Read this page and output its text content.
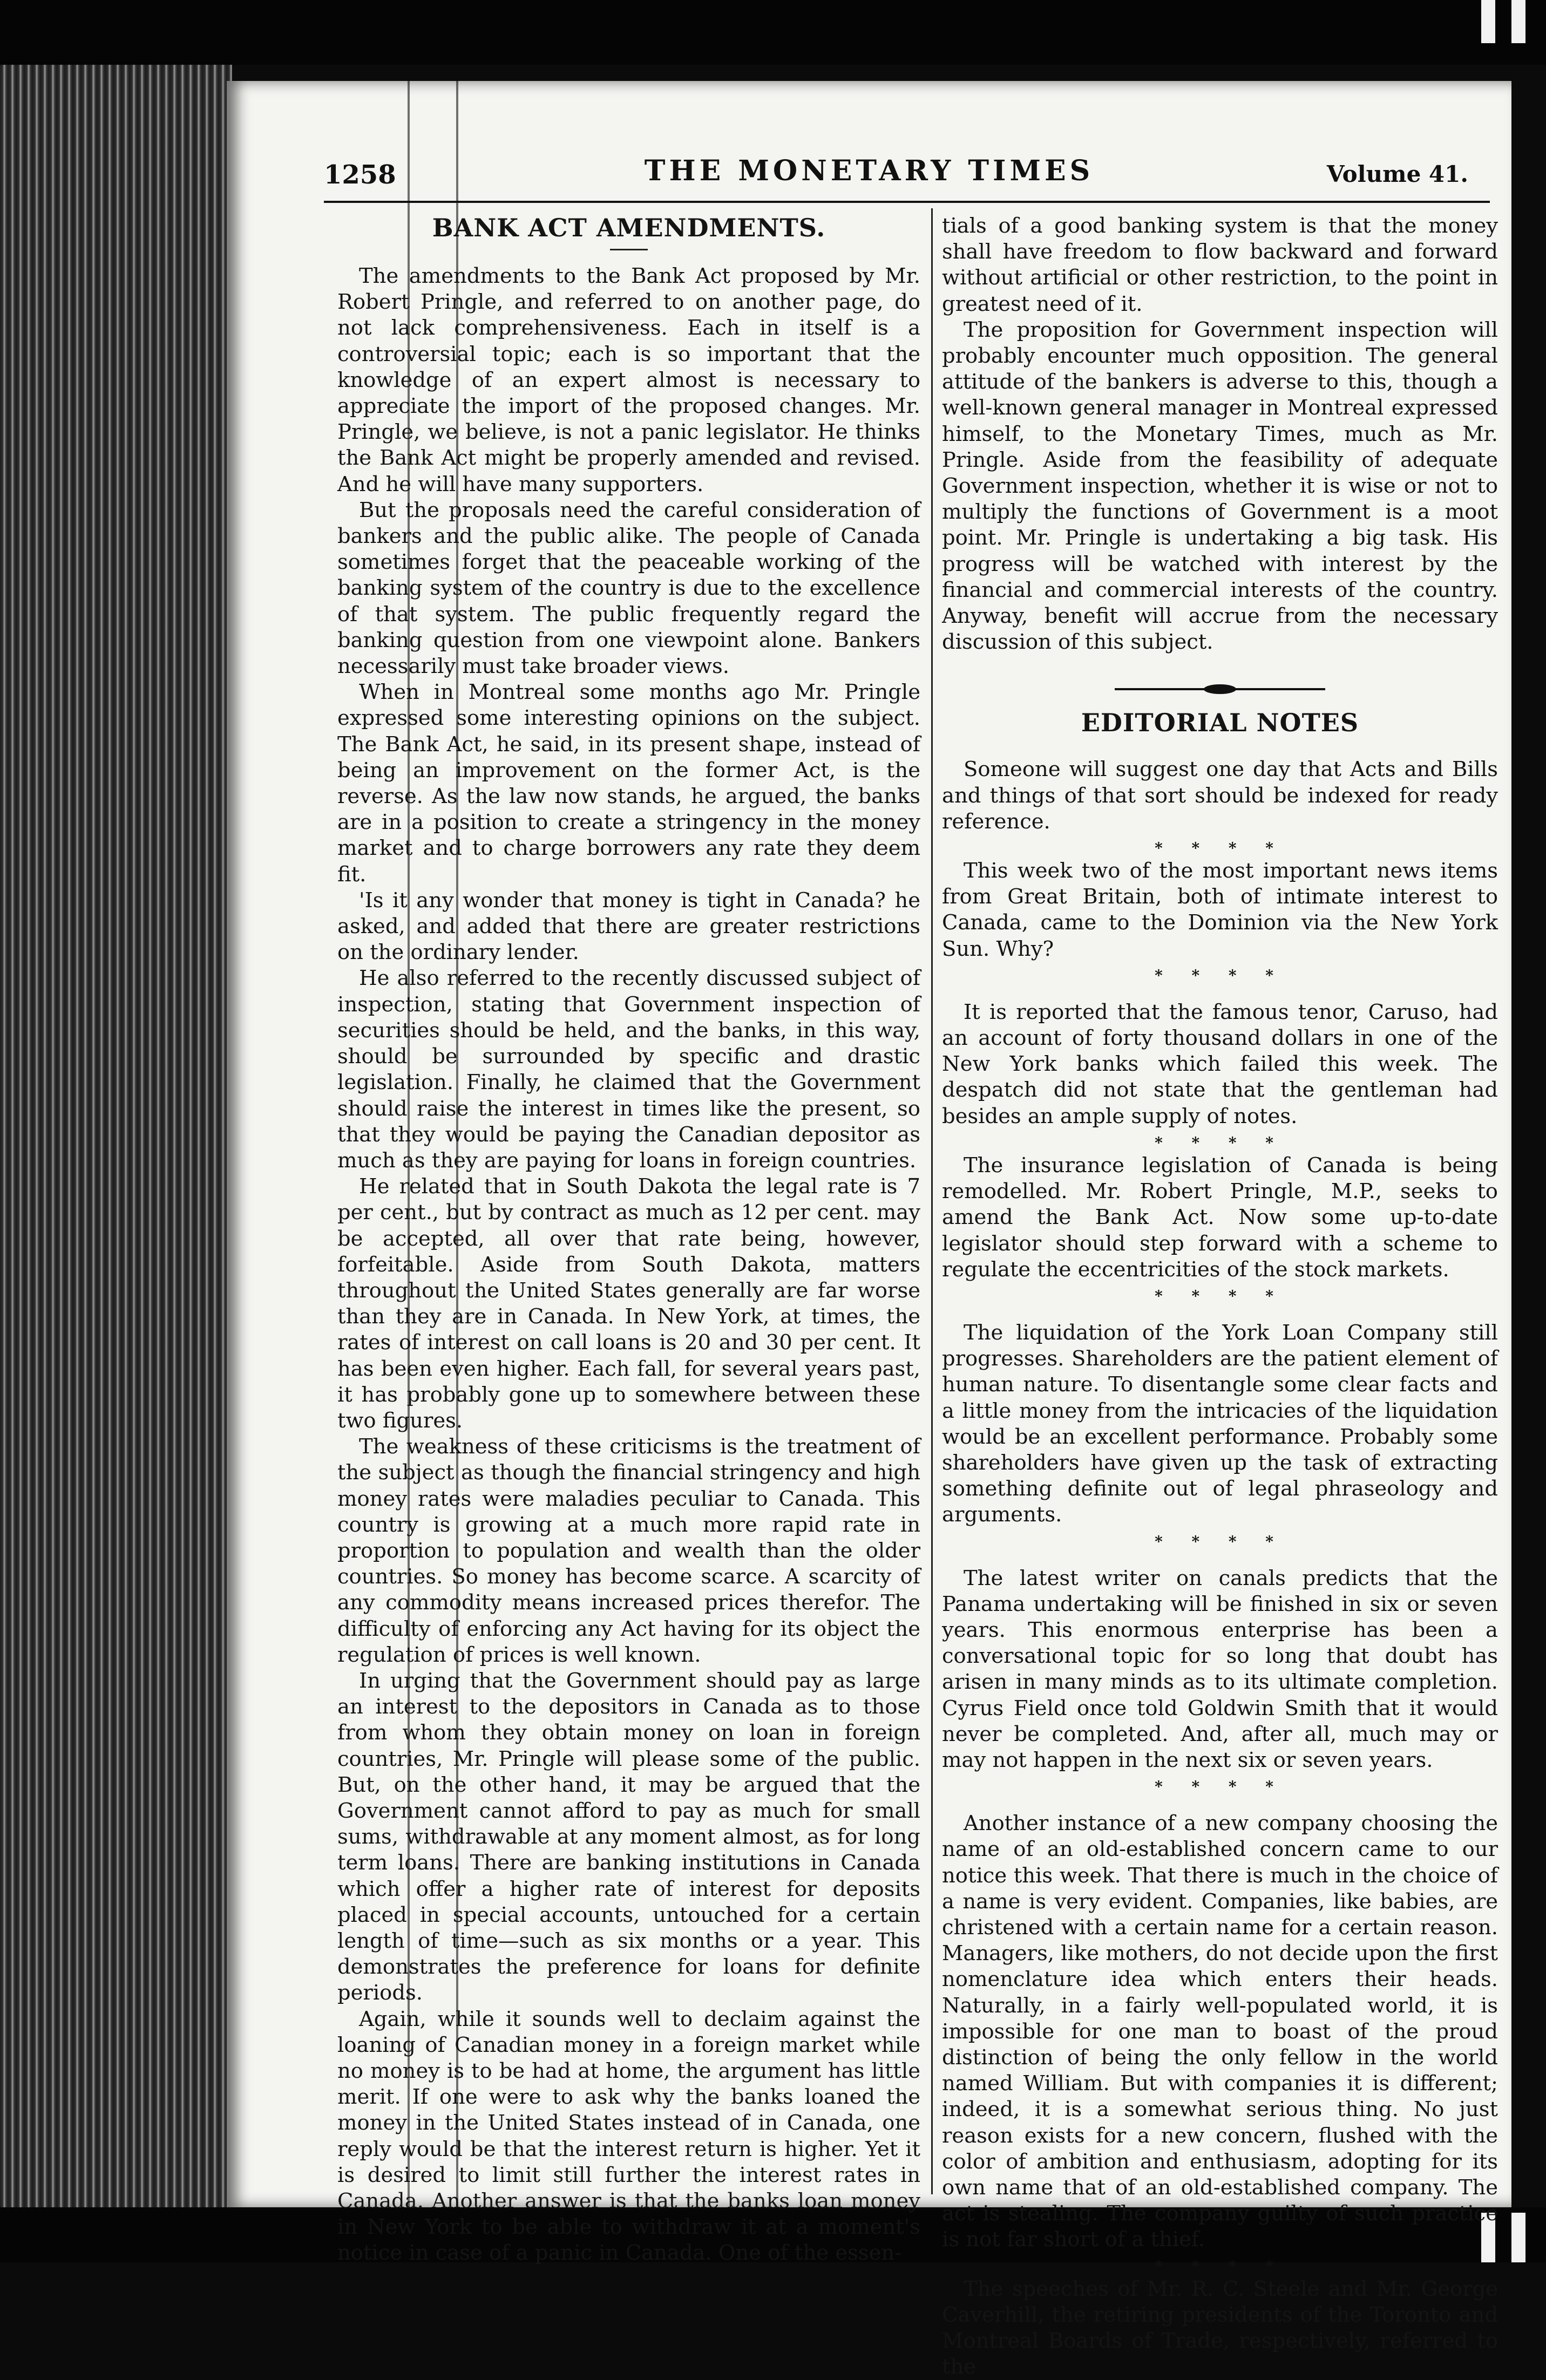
1258	THE MONETARY TIMES	Volume 41.
BANK ACT AMENDMENTS.

The amendments to the Bank Act proposed by Mr. Robert Pringle, and referred to on another page, do not lack comprehensiveness. Each in itself is a controversial topic; each is so important that the knowledge of an expert almost is necessary to appreciate the import of the proposed changes. Mr. Pringle, we believe, is not a panic legislator. He thinks the Bank Act might be properly amended and revised. And he will have many supporters.

But the proposals need the careful consideration of bankers and the public alike. The people of Canada sometimes forget that the peaceable working of the banking system of the country is due to the excellence of that system. The public frequently regard the banking question from one viewpoint alone. Bankers necessarily must take broader views.

When in Montreal some months ago Mr. Pringle expressed some interesting opinions on the subject. The Bank Act, he said, in its present shape, instead of being an improvement on the former Act, is the reverse. As the law now stands, he argued, the banks are in a position to create a stringency in the money market and to charge borrowers any rate they deem fit.

'Is it any wonder that money is tight in Canada? he asked, and added that there are greater restrictions on the ordinary lender.

He also referred to the recently discussed subject of inspection, stating that Government inspection of securities should be held, and the banks, in this way, should be surrounded by specific and drastic legislation. Finally, he claimed that the Government should raise the interest in times like the present, so that they would be paying the Canadian depositor as much as they are paying for loans in foreign countries.

He related that in South Dakota the legal rate is 7 per cent., but by contract as much as 12 per cent. may be accepted, all over that rate being, however, forfeitable. Aside from South Dakota, matters throughout the United States generally are far worse than they are in Canada. In New York, at times, the rates of interest on call loans is 20 and 30 per cent. It has been even higher. Each fall, for several years past, it has probably gone up to somewhere between these two figures.

The weakness of these criticisms is the treatment of the subject as though the financial stringency and high money rates were maladies peculiar to Canada. This country is growing at a much more rapid rate in proportion to population and wealth than the older countries. So money has become scarce. A scarcity of any commodity means increased prices therefor. The difficulty of enforcing any Act having for its object the regulation of prices is well known.

In urging that the Government should pay as large an interest to the depositors in Canada as to those from whom they obtain money on loan in foreign countries, Mr. Pringle will please some of the public. But, on the other hand, it may be argued that the Government cannot afford to pay as much for small sums, withdrawable at any moment almost, as for long term loans. There are banking institutions in Canada which offer a higher rate of interest for deposits placed in special accounts, untouched for a certain length of time—such as six months or a year. This demonstrates the preference for loans for definite periods.

Again, while it sounds well to declaim against the loaning of Canadian money in a foreign market while no money is to be had at home, the argument has little merit. If one were to ask why the banks loaned the money in the United States instead of in Canada, one reply would be that the interest return is higher. Yet it is desired to limit still further the interest rates in Canada. Another answer is that the banks loan money in New York to be able to withdraw it at a moment's notice in case of a panic in Canada. One of the essen-

tials of a good banking system is that the money shall have freedom to flow backward and forward without artificial or other restriction, to the point in greatest need of it.

The proposition for Government inspection will probably encounter much opposition. The general attitude of the bankers is adverse to this, though a well-known general manager in Montreal expressed himself, to the Monetary Times, much as Mr. Pringle. Aside from the feasibility of adequate Government inspection, whether it is wise or not to multiply the functions of Government is a moot point. Mr. Pringle is undertaking a big task. His progress will be watched with interest by the financial and commercial interests of the country. Anyway, benefit will accrue from the necessary discussion of this subject.

EDITORIAL NOTES

Someone will suggest one day that Acts and Bills and things of that sort should be indexed for ready reference.

* * * *

This week two of the most important news items from Great Britain, both of intimate interest to Canada, came to the Dominion via the New York Sun. Why?

* * * *

It is reported that the famous tenor, Caruso, had an account of forty thousand dollars in one of the New York banks which failed this week. The despatch did not state that the gentleman had besides an ample supply of notes.

* * * *

The insurance legislation of Canada is being remodelled. Mr. Robert Pringle, M.P., seeks to amend the Bank Act. Now some up-to-date legislator should step forward with a scheme to regulate the eccentricities of the stock markets.

* * * *

The liquidation of the York Loan Company still progresses. Shareholders are the patient element of human nature. To disentangle some clear facts and a little money from the intricacies of the liquidation would be an excellent performance. Probably some shareholders have given up the task of extracting something definite out of legal phraseology and arguments.

* * * *

The latest writer on canals predicts that the Panama undertaking will be finished in six or seven years. This enormous enterprise has been a conversational topic for so long that doubt has arisen in many minds as to its ultimate completion. Cyrus Field once told Goldwin Smith that it would never be completed. And, after all, much may or may not happen in the next six or seven years.

* * * *

Another instance of a new company choosing the name of an old-established concern came to our notice this week. That there is much in the choice of a name is very evident. Companies, like babies, are christened with a certain name for a certain reason. Managers, like mothers, do not decide upon the first nomenclature idea which enters their heads. Naturally, in a fairly well-populated world, it is impossible for one man to boast of the proud distinction of being the only fellow in the world named William. But with companies it is different; indeed, it is a somewhat serious thing. No just reason exists for a new concern, flushed with the color of ambition and enthusiasm, adopting for its own name that of an old-established company. The act is stealing. The company guilty of such practice is not far short of a thief.

* * * *

The speeches of Mr. R. C. Steele and Mr. George Caverhill, the retiring presidents of the Toronto and Montreal Boards of Trade, respectively, referred to the
